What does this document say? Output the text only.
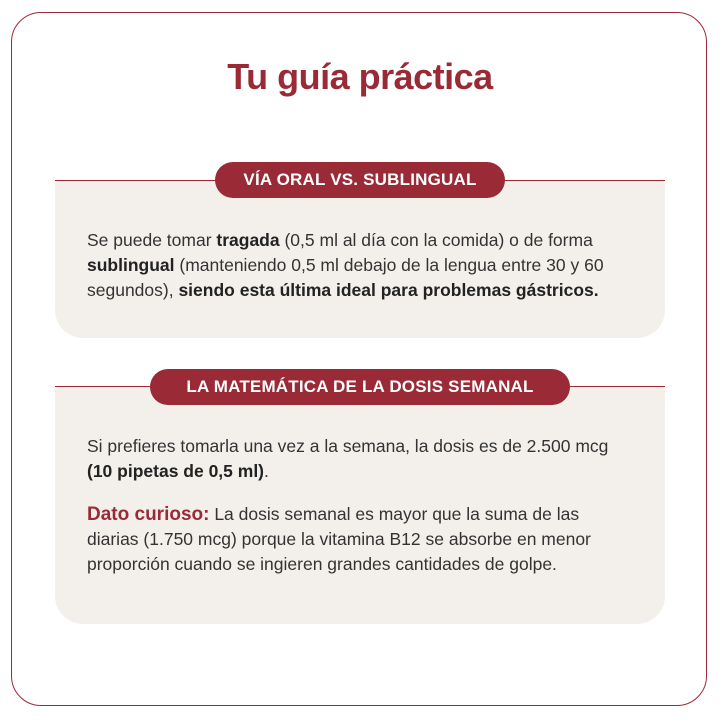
Tu guía práctica

Se puede tomar tragada (0,5 ml al día con la comida) o de forma sublingual (manteniendo 0,5 ml debajo de la lengua entre 30 y 60 segundos), siendo esta última ideal para problemas gástricos.

VÍA ORAL VS. SUBLINGUAL

Si prefieres tomarla una vez a la semana, la dosis es de 2.500 mcg (10 pipetas de 0,5 ml).

Dato curioso: La dosis semanal es mayor que la suma de las diarias (1.750 mcg) porque la vitamina B12 se absorbe en menor proporción cuando se ingieren grandes cantidades de golpe.

LA MATEMÁTICA DE LA DOSIS SEMANAL
